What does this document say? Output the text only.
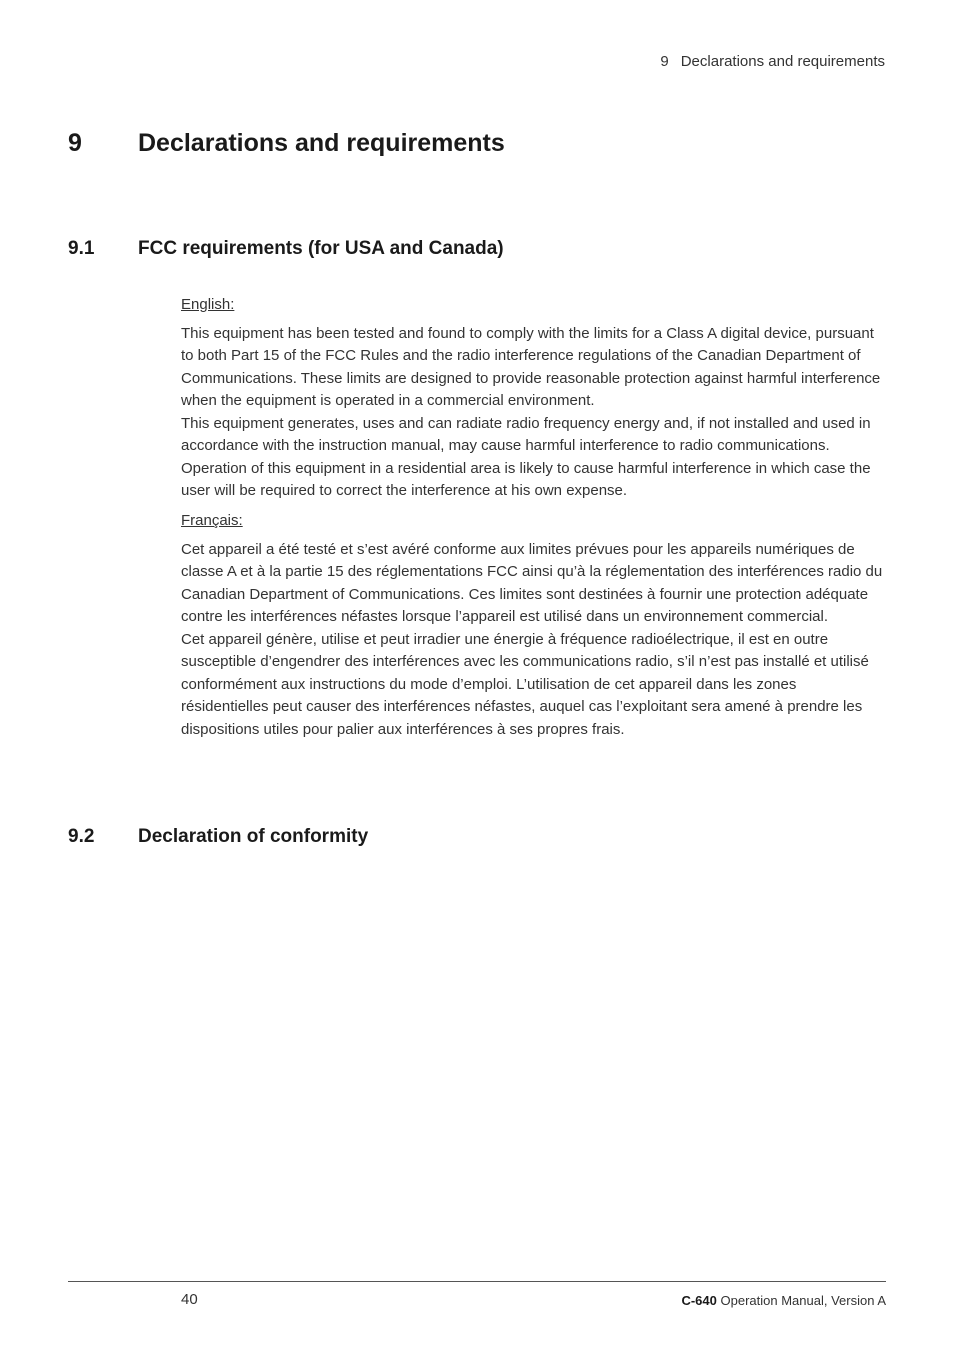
9 Declarations and requirements
9 Declarations and requirements
9.1 FCC requirements (for USA and Canada)

English:

This equipment has been tested and found to comply with the limits for a Class A digital device, pursuant to both Part 15 of the FCC Rules and the radio interference regulations of the Canadian Department of Communications. These limits are designed to provide reasonable protection against harmful interference when the equipment is operated in a commercial environment.

This equipment generates, uses and can radiate radio frequency energy and, if not installed and used in accordance with the instruction manual, may cause harmful interference to radio communications. Operation of this equipment in a residential area is likely to cause harmful interference in which case the user will be required to correct the interference at his own expense.

Français:

Cet appareil a été testé et s’est avéré conforme aux limites prévues pour les appareils numériques de classe A et à la partie 15 des réglementations FCC ainsi qu’à la réglementation des interférences radio du Canadian Department of Communications. Ces limites sont destinées à fournir une protection adéquate contre les interférences néfastes lorsque l’appareil est utilisé dans un environnement commercial.

Cet appareil génère, utilise et peut irradier une énergie à fréquence radioélectrique, il est en outre susceptible d’engendrer des interférences avec les communications radio, s’il n’est pas installé et utilisé conformément aux instructions du mode d’emploi. L’utilisation de cet appareil dans les zones résidentielles peut causer des interférences néfastes, auquel cas l’exploitant sera amené à prendre les dispositions utiles pour palier aux interférences à ses propres frais.

9.2 Declaration of conformity
40	C-640 Operation Manual, Version A
